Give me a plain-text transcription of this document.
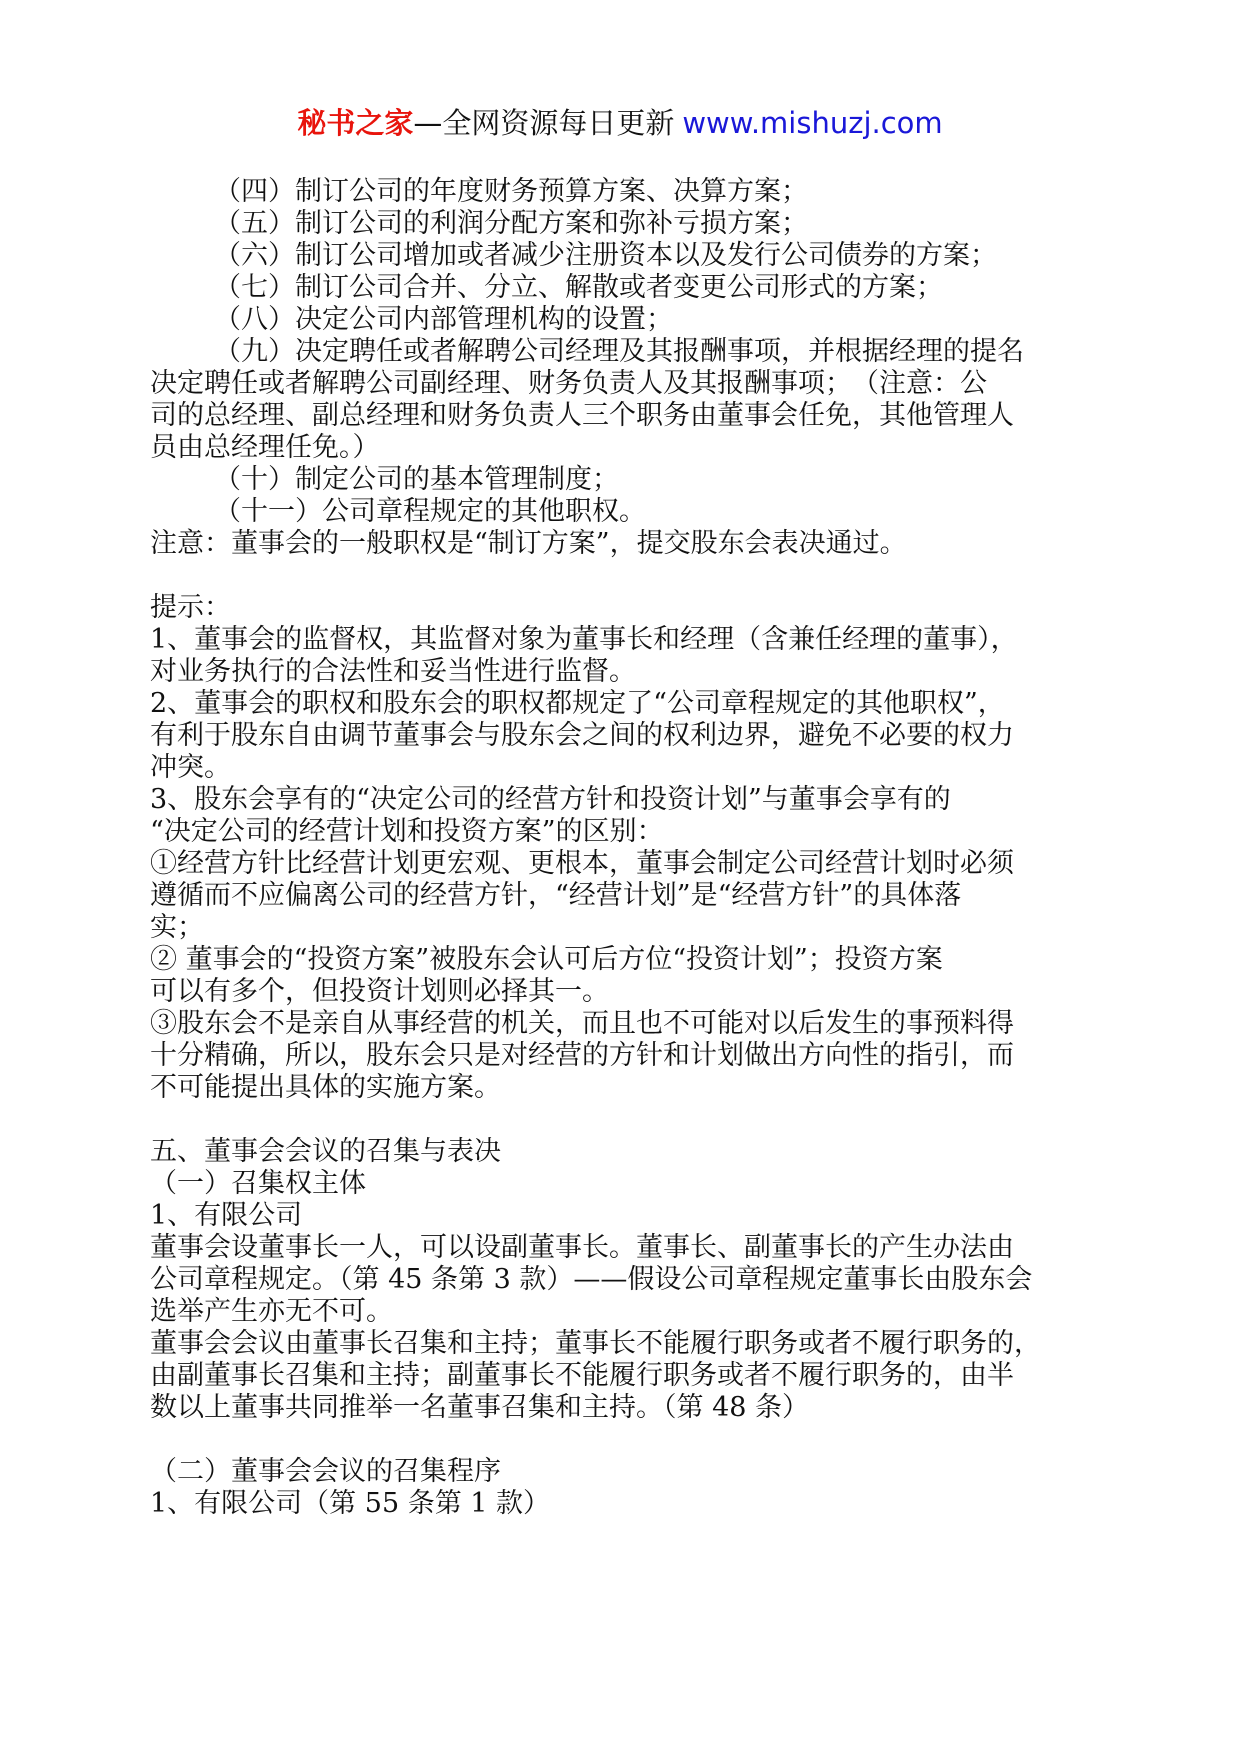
秘书之家—全网资源每日更新 www.mishuzj.com
（四）制订公司的年度财务预算方案、决算方案；
（五）制订公司的利润分配方案和弥补亏损方案；
（六）制订公司增加或者减少注册资本以及发行公司债券的方案；
（七）制订公司合并、分立、解散或者变更公司形式的方案；
（八）决定公司内部管理机构的设置；
（九）决定聘任或者解聘公司经理及其报酬事项，并根据经理的提名
决定聘任或者解聘公司副经理、财务负责人及其报酬事项；　（注意：公
司的总经理、副总经理和财务负责人三个职务由董事会任免，其他管理人
员由总经理任免。）
（十）制定公司的基本管理制度；
（十一）公司章程规定的其他职权。
注意：董事会的一般职权是“制订方案”，提交股东会表决通过。
提示：
1、董事会的监督权，其监督对象为董事长和经理（含兼任经理的董事），
对业务执行的合法性和妥当性进行监督。
2、董事会的职权和股东会的职权都规定了“公司章程规定的其他职权”，
有利于股东自由调节董事会与股东会之间的权利边界，避免不必要的权力
冲突。
3、股东会享有的“决定公司的经营方针和投资计划”与董事会享有的
“决定公司的经营计划和投资方案”的区别：
①经营方针比经营计划更宏观、更根本，董事会制定公司经营计划时必须
遵循而不应偏离公司的经营方针，“经营计划”是“经营方针”的具体落
实；
② 董事会的“投资方案”被股东会认可后方位“投资计划”；投资方案
可以有多个，但投资计划则必择其一。
③股东会不是亲自从事经营的机关，而且也不可能对以后发生的事预料得
十分精确，所以，股东会只是对经营的方针和计划做出方向性的指引，而
不可能提出具体的实施方案。
五、董事会会议的召集与表决
（一）召集权主体
1、有限公司
董事会设董事长一人，可以设副董事长。董事长、副董事长的产生办法由
公司章程规定。（第 45 条第 3 款）——假设公司章程规定董事长由股东会
选举产生亦无不可。
董事会会议由董事长召集和主持；董事长不能履行职务或者不履行职务的，
由副董事长召集和主持；副董事长不能履行职务或者不履行职务的，由半
数以上董事共同推举一名董事召集和主持。（第 48 条）
（二）董事会会议的召集程序
1、有限公司（第 55 条第 1 款）
